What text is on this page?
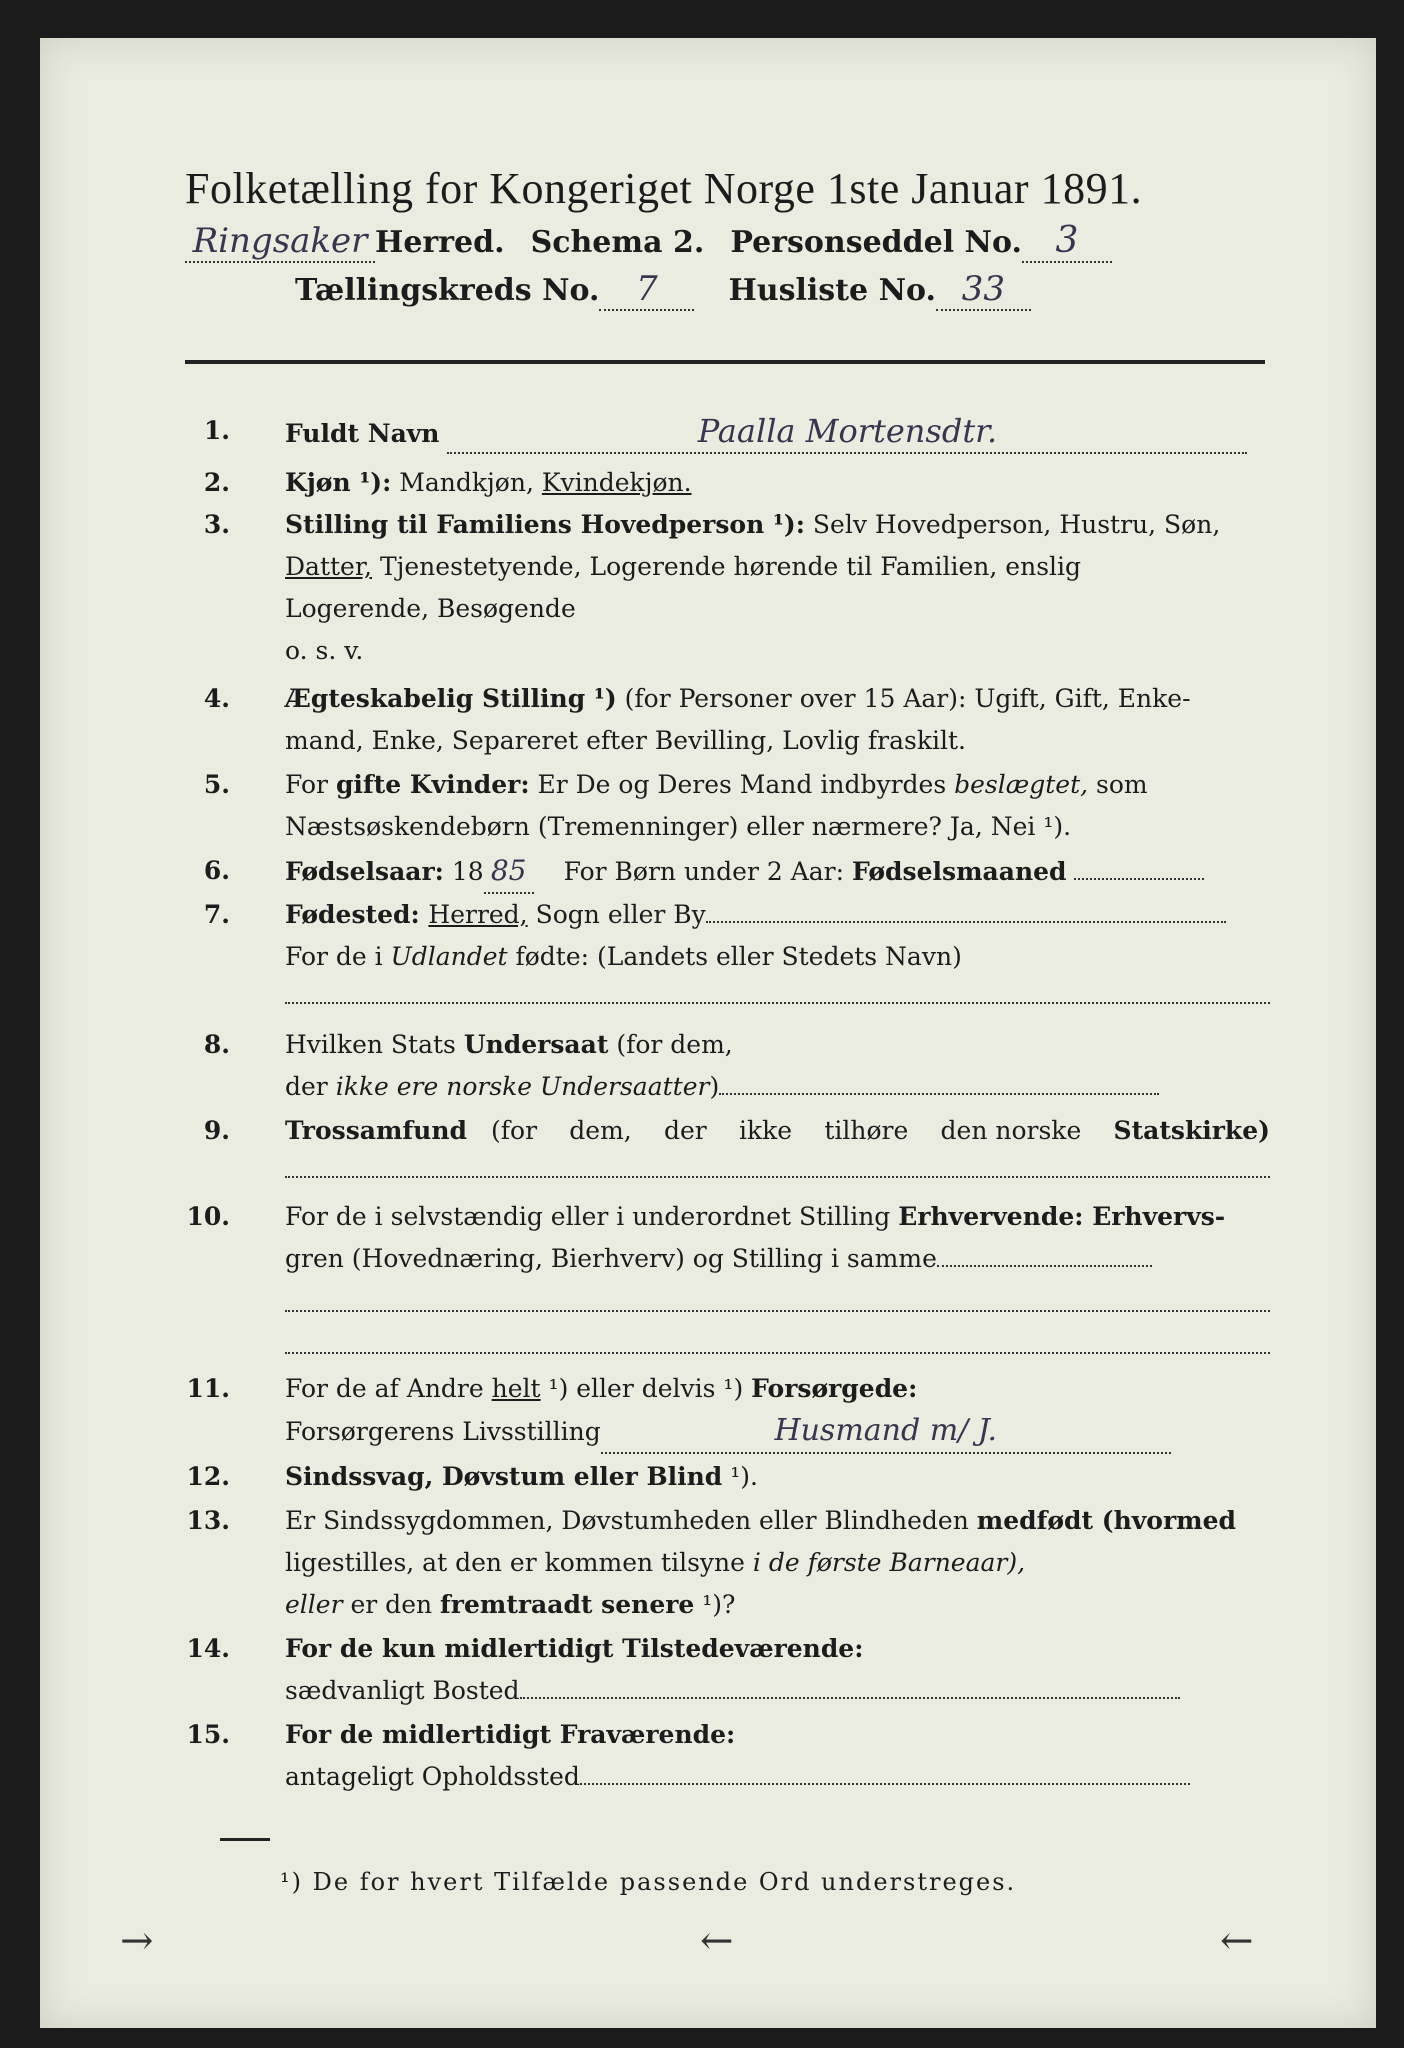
Folketælling for Kongeriget Norge 1ste Januar 1891.
Ringsaker Herred. Schema 2. Personseddel No. 3
Tællingskreds No.	7	Husliste No. 33
1. Fuldt Navn	Paalla Mortensdtr.
2. Kjøn ¹): Mandkjøn, Kvindekjøn.
3. Stilling til Familiens Hovedperson ¹): Selv Hovedperson, Hustru, Søn,
Datter, Tjenestetyende, Logerende hørende til Familien, enslig
Logerende, Besøgende
o. s. v.
4. Ægteskabelig Stilling ¹) (for Personer over 15 Aar): Ugift, Gift, Enke-
mand, Enke, Separeret efter Bevilling, Lovlig fraskilt.
5. For gifte Kvinder: Er De og Deres Mand indbyrdes beslægtet, som
Næstsøskendebørn (Tremenninger) eller nærmere? Ja, Nei ¹).
6. Fødselsaar: 18 85 For Børn under 2 Aar: Fødselsmaaned
7. Fødested: Herred, Sogn eller By
For de i Udlandet fødte: (Landets eller Stedets Navn)
8. Hvilken Stats Undersaat (for dem,
der ikke ere norske Undersaatter)
9. Trossamfund (for dem, der ikke tilhøre den norske Statskirke)
10. For de i selvstændig eller i underordnet Stilling Erhvervende: Erhvervs-
gren (Hovednæring, Bierhverv) og Stilling i samme
11. For de af Andre helt ¹) eller delvis ¹) Forsørgede:
Forsørgerens Livsstilling	Husmand m/ J.
12. Sindssvag, Døvstum eller Blind ¹).
13. Er Sindssygdommen, Døvstumheden eller Blindheden medfødt (hvormed
ligestilles, at den er kommen tilsyne i de første Barneaar),
eller er den fremtraadt senere ¹)?
14. For de kun midlertidigt Tilstedeværende:
sædvanligt Bosted
15. For de midlertidigt Fraværende:
antageligt Opholdssted
¹) De for hvert Tilfælde passende Ord understreges.
→	←	←
